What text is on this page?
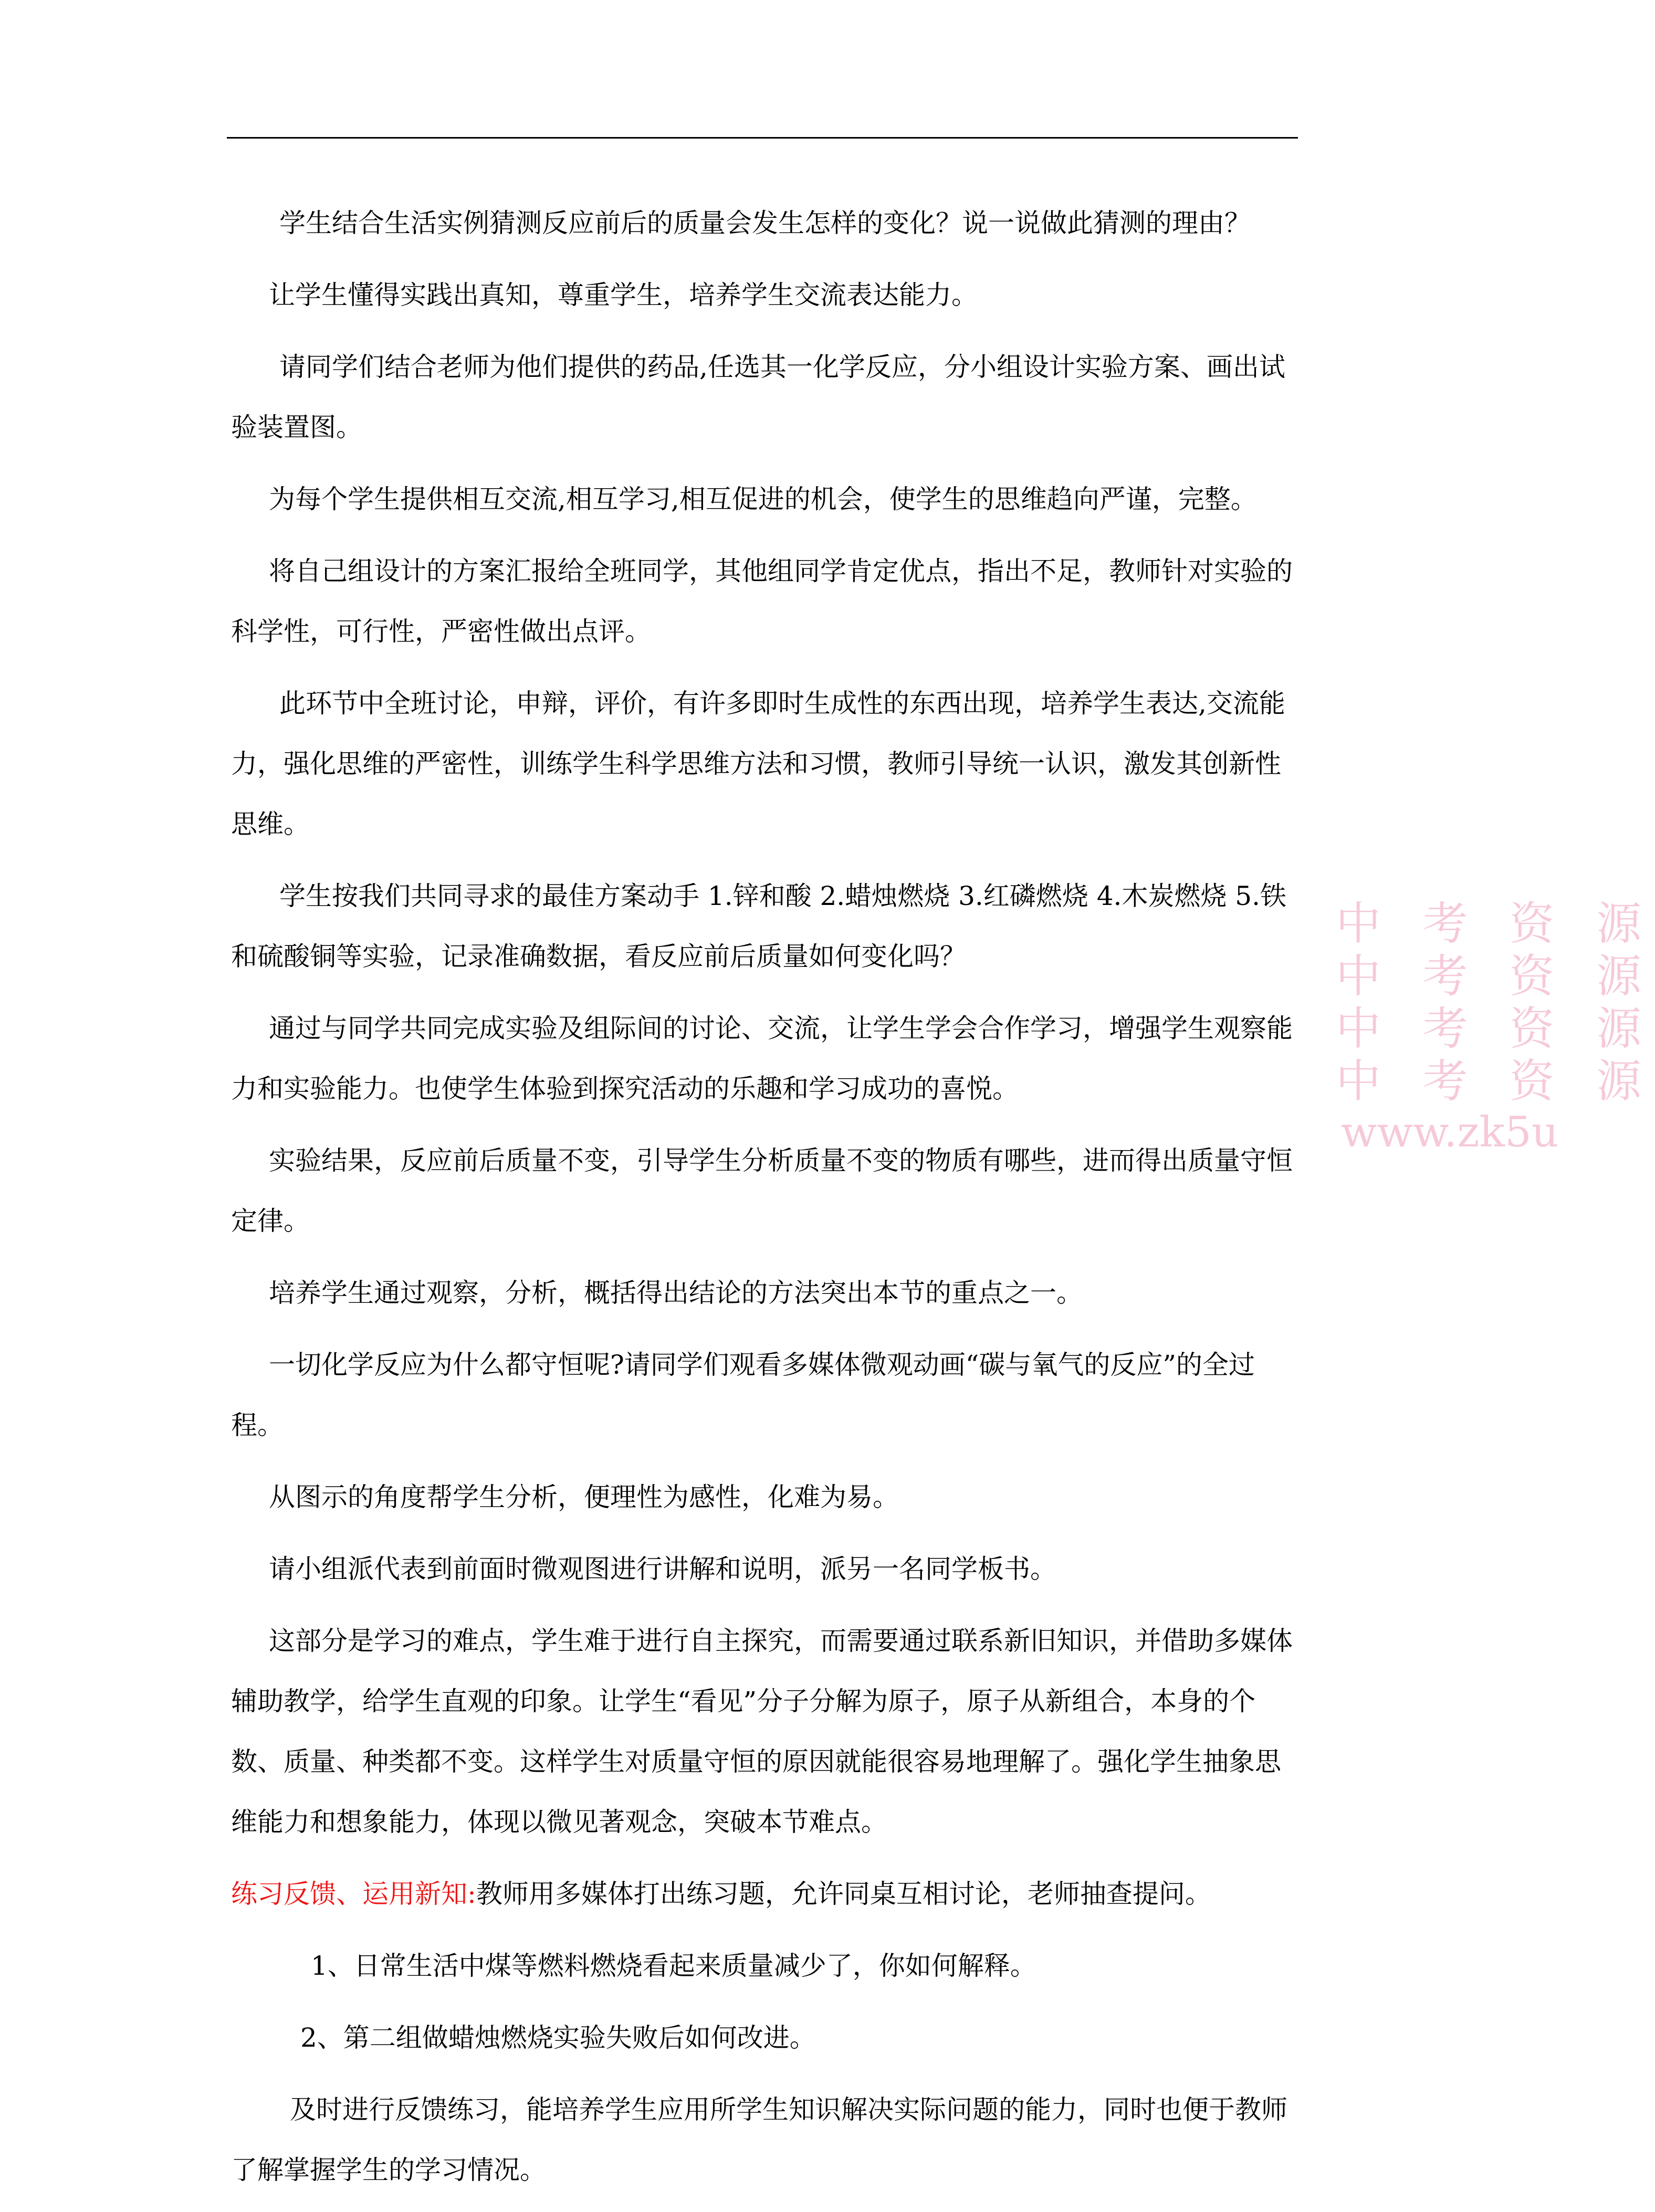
学生结合生活实例猜测反应前后的质量会发生怎样的变化？说一说做此猜测的理由？

让学生懂得实践出真知，尊重学生，培养学生交流表达能力。

请同学们结合老师为他们提供的药品,任选其一化学反应，分小组设计实验方案、画出试验装置图。

为每个学生提供相互交流,相互学习,相互促进的机会，使学生的思维趋向严谨，完整。

将自己组设计的方案汇报给全班同学，其他组同学肯定优点，指出不足，教师针对实验的科学性，可行性，严密性做出点评。

此环节中全班讨论，申辩，评价，有许多即时生成性的东西出现，培养学生表达,交流能力，强化思维的严密性，训练学生科学思维方法和习惯，教师引导统一认识，激发其创新性思维。

学生按我们共同寻求的最佳方案动手 1.锌和酸 2.蜡烛燃烧 3.红磷燃烧 4.木炭燃烧 5.铁和硫酸铜等实验，记录准确数据，看反应前后质量如何变化吗？

通过与同学共同完成实验及组际间的讨论、交流，让学生学会合作学习，增强学生观察能力和实验能力。也使学生体验到探究活动的乐趣和学习成功的喜悦。

实验结果，反应前后质量不变，引导学生分析质量不变的物质有哪些，进而得出质量守恒定律。

培养学生通过观察，分析，概括得出结论的方法突出本节的重点之一。

一切化学反应为什么都守恒呢?请同学们观看多媒体微观动画“碳与氧气的反应”的全过程。

从图示的角度帮学生分析，便理性为感性，化难为易。

请小组派代表到前面时微观图进行讲解和说明，派另一名同学板书。

这部分是学习的难点，学生难于进行自主探究，而需要通过联系新旧知识，并借助多媒体辅助教学，给学生直观的印象。让学生“看见”分子分解为原子，原子从新组合，本身的个数、质量、种类都不变。这样学生对质量守恒的原因就能很容易地理解了。强化学生抽象思维能力和想象能力，体现以微见著观念，突破本节难点。

练习反馈、运用新知:教师用多媒体打出练习题，允许同桌互相讨论，老师抽查提问。

1、日常生活中煤等燃料燃烧看起来质量减少了，你如何解释。

2、第二组做蜡烛燃烧实验失败后如何改进。

及时进行反馈练习，能培养学生应用所学生知识解决实际问题的能力，同时也便于教师了解掌握学生的学习情况。

中 考 资 源
中 考 资 源
中 考 资 源
中 考 资 源
www.zk5u
